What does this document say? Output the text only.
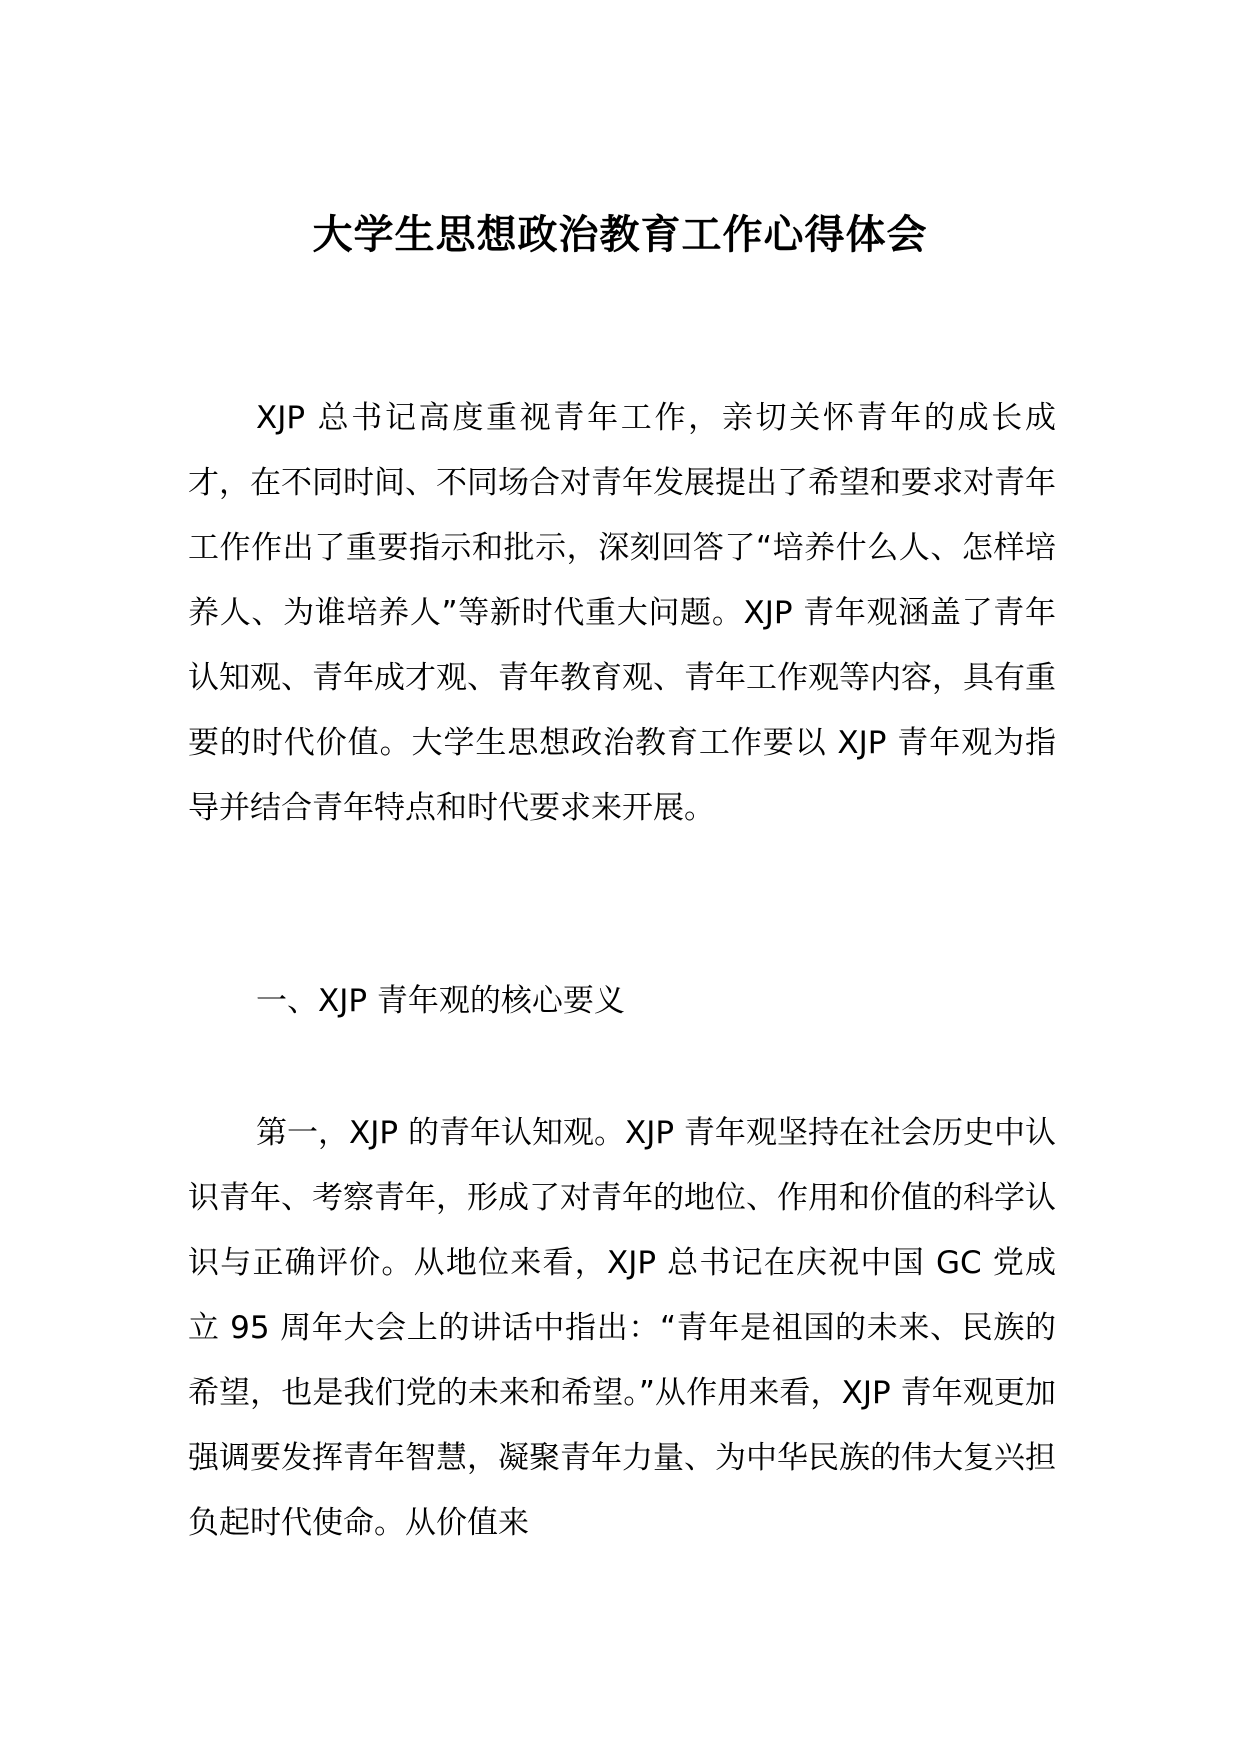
大学生思想政治教育工作心得体会

XJP 总书记高度重视青年工作，亲切关怀青年的成长成才，在不同时间、不同场合对青年发展提出了希望和要求对青年工作作出了重要指示和批示，深刻回答了“培养什么人、怎样培养人、为谁培养人”等新时代重大问题。XJP 青年观涵盖了青年认知观、青年成才观、青年教育观、青年工作观等内容，具有重要的时代价值。大学生思想政治教育工作要以 XJP 青年观为指导并结合青年特点和时代要求来开展。

一、XJP 青年观的核心要义

第一，XJP 的青年认知观。XJP 青年观坚持在社会历史中认识青年、考察青年，形成了对青年的地位、作用和价值的科学认识与正确评价。从地位来看，XJP 总书记在庆祝中国 GC 党成立 95 周年大会上的讲话中指出：“青年是祖国的未来、民族的希望，也是我们党的未来和希望。”从作用来看，XJP 青年观更加强调要发挥青年智慧，凝聚青年力量、为中华民族的伟大复兴担负起时代使命。从价值来
